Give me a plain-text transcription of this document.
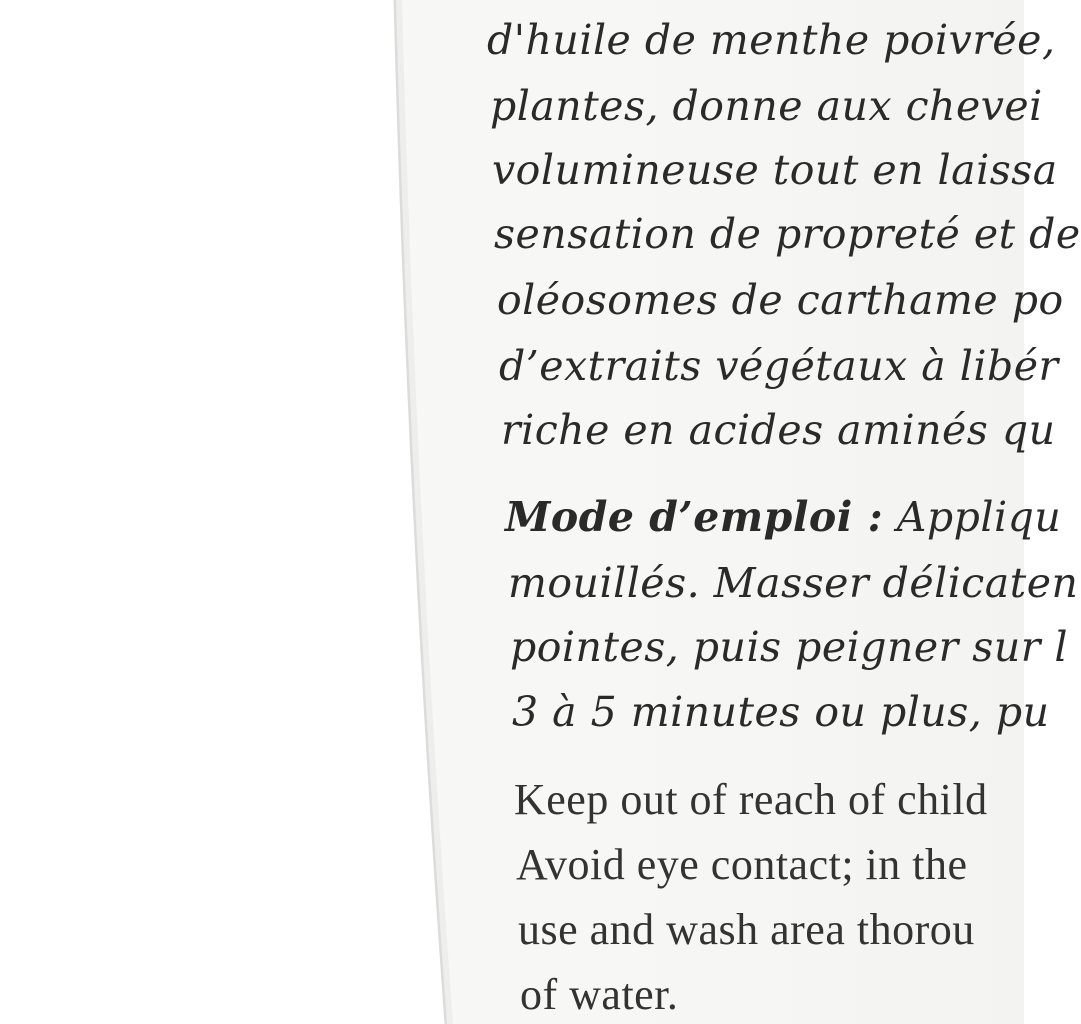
d'huile de menthe poivrée,
plantes, donne aux chevei
volumineuse tout en laissa
sensation de propreté et de
oléosomes de carthame po
d’extraits végétaux à libér
riche en acides aminés qu
Mode d’emploi : Appliqu
mouillés. Masser délicaten
pointes, puis peigner sur l
3 à 5 minutes ou plus, pu
Keep out of reach of child
Avoid eye contact; in the
use and wash area thorou
of water.
